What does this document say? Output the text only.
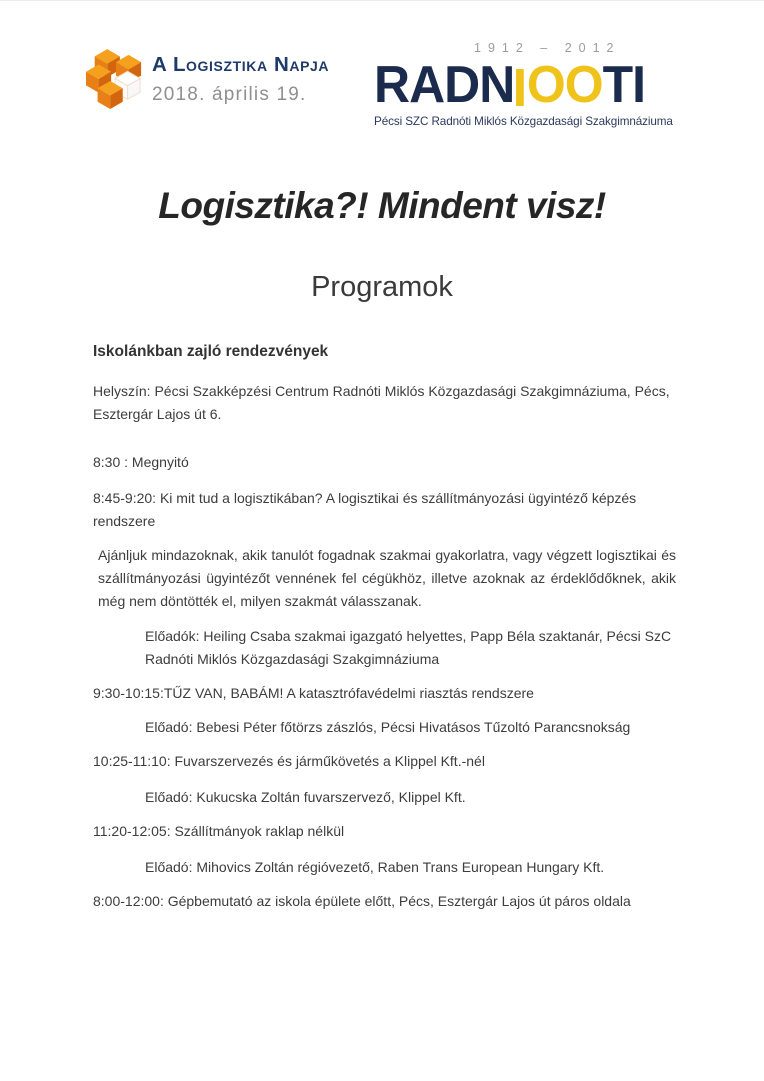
A Logisztika Napja
2018. április 19.
1912 – 2012
RADN OO TI
Pécsi SZC Radnóti Miklós Közgazdasági Szakgimnáziuma
Logisztika?! Mindent visz!
Programok
Iskolánkban zajló rendezvények

Helyszín: Pécsi Szakképzési Centrum Radnóti Miklós Közgazdasági Szakgimnáziuma, Pécs, Esztergár Lajos út 6.

8:30 : Megnyitó

8:45-9:20: Ki mit tud a logisztikában? A logisztikai és szállítmányozási ügyintéző képzés rendszere

Ajánljuk mindazoknak, akik tanulót fogadnak szakmai gyakorlatra, vagy végzett logisztikai és szállítmányozási ügyintézőt vennének fel cégükhöz, illetve azoknak az érdeklődőknek, akik még nem döntötték el, milyen szakmát válasszanak.

Előadók: Heiling Csaba szakmai igazgató helyettes, Papp Béla szaktanár, Pécsi SzC Radnóti Miklós Közgazdasági Szakgimnáziuma

9:30-10:15:TŰZ VAN, BABÁM! A katasztrófavédelmi riasztás rendszere

Előadó: Bebesi Péter főtörzs zászlós, Pécsi Hivatásos Tűzoltó Parancsnokság

10:25-11:10: Fuvarszervezés és járműkövetés a Klippel Kft.-nél

Előadó: Kukucska Zoltán fuvarszervező, Klippel Kft.

11:20-12:05: Szállítmányok raklap nélkül

Előadó: Mihovics Zoltán régióvezető, Raben Trans European Hungary Kft.

8:00-12:00: Gépbemutató az iskola épülete előtt, Pécs, Esztergár Lajos út páros oldala
